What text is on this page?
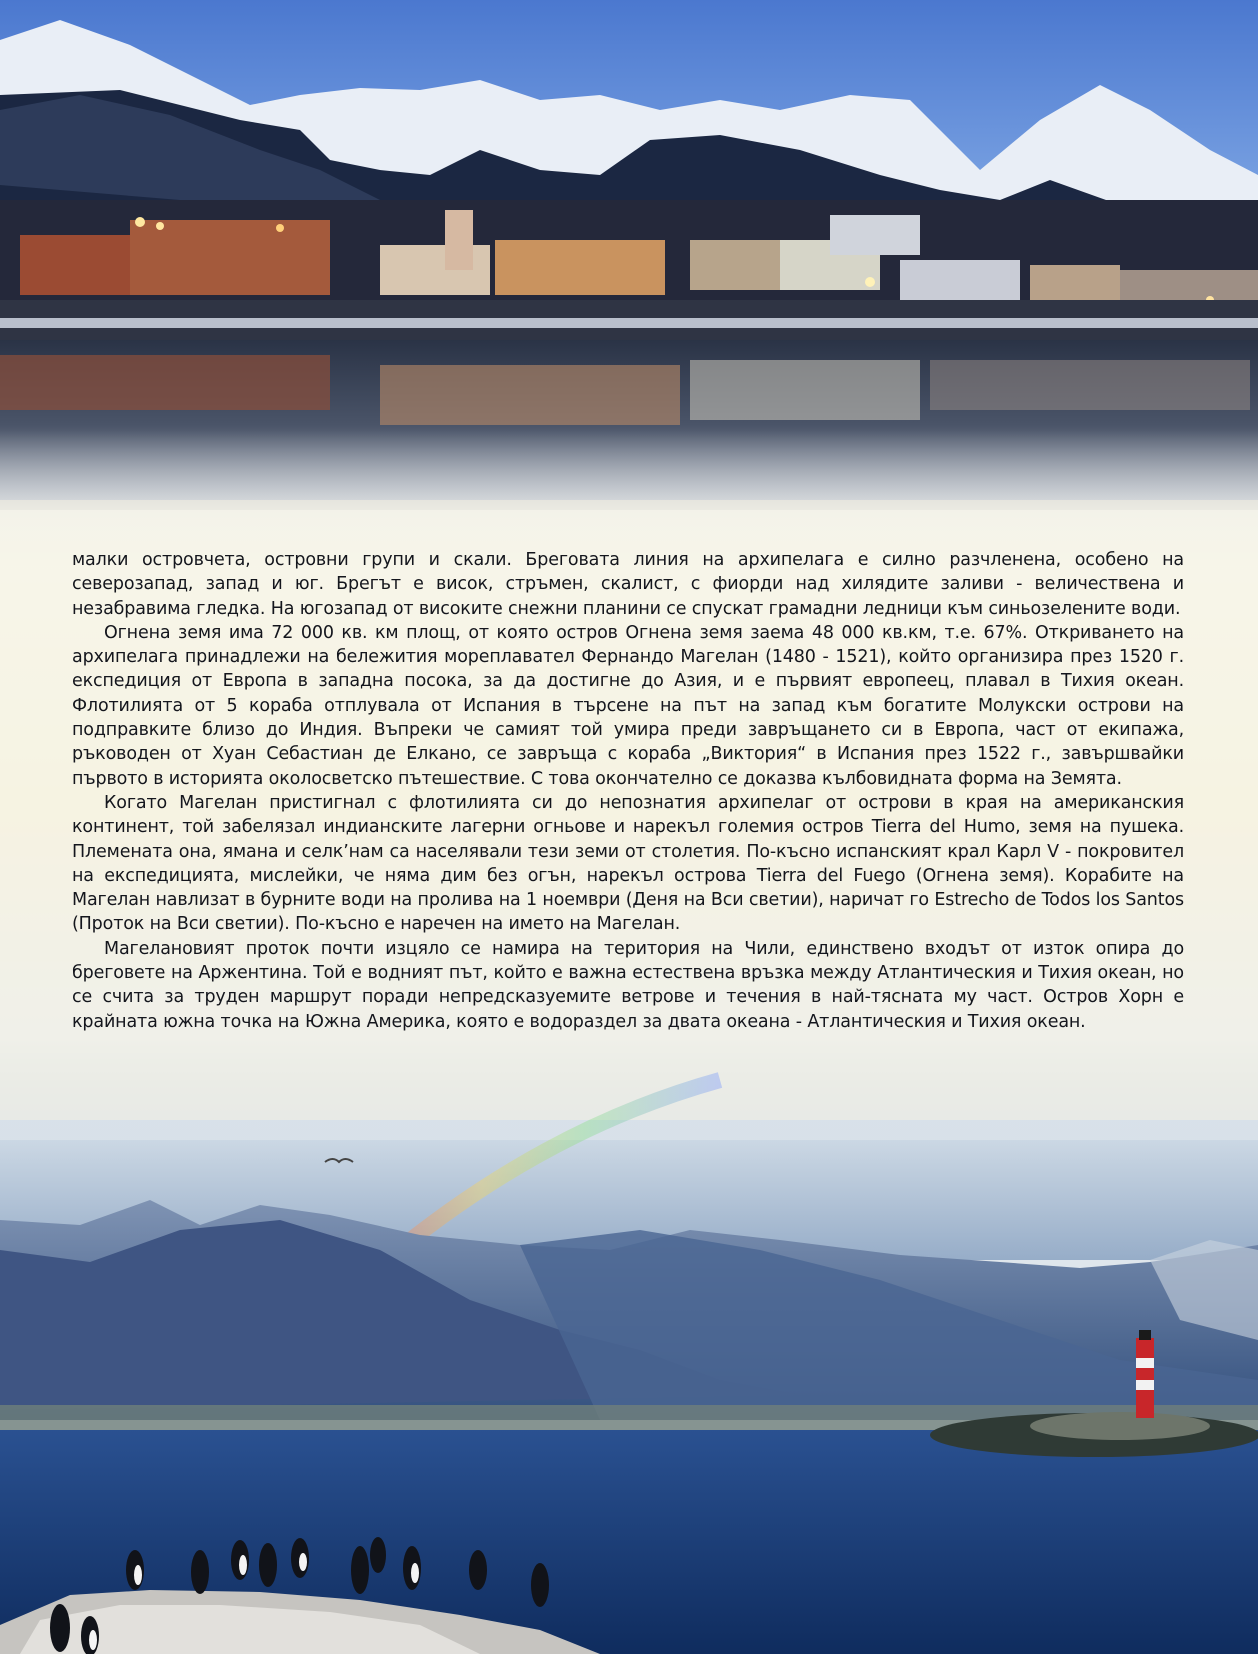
малки островчета, островни групи и скали. Бреговата линия на архипелага е силно разчленена, особено на северозапад, запад и юг. Брегът е висок, стръмен, скалист, с фиорди над хилядите заливи - величествена и незабравима гледка. На югозапад от високите снежни планини се спускат грамадни ледници към синьозелените води.

Огнена земя има 72 000 кв. км площ, от която остров Огнена земя заема 48 000 кв.км, т.е. 67%. Откриването на архипелага принадлежи на бележития мореплавател Фернандо Магелан (1480 - 1521), който организира през 1520 г. експедиция от Европа в западна посока, за да достигне до Азия, и е първият европеец, плавал в Тихия океан. Флотилията от 5 кораба отплувала от Испания в търсене на път на запад към богатите Молукски острови на подправките близо до Индия. Въпреки че самият той умира преди завръщането си в Европа, част от екипажа, ръководен от Хуан Себастиан де Елкано, се завръща с кораба „Виктория“ в Испания през 1522 г., завършвайки първото в историята околосветско пътешествие. С това окончателно се доказва кълбовидната форма на Земята.

Когато Магелан пристигнал с флотилията си до непознатия архипелаг от острови в края на американския континент, той забелязал индианските лагерни огньове и нарекъл големия остров Tierra del Humo, земя на пушека. Племената она, ямана и селк’нам са населявали тези земи от столетия. По-късно испанският крал Карл V - покровител на експедицията, мислейки, че няма дим без огън, нарекъл острова Tierra del Fuego (Огнена земя). Корабите на Магелан навлизат в бурните води на пролива на 1 ноември (Деня на Вси светии), наричат го Estrecho de Todos los Santos (Проток на Вси светии). По-късно е наречен на името на Магелан.

Магелановият проток почти изцяло се намира на територия на Чили, единствено входът от изток опира до бреговете на Аржентина. Той е водният път, който е важна естествена връзка между Атлантическия и Тихия океан, но се счита за труден маршрут поради непредсказуемите ветрове и течения в най-тясната му част. Остров Хорн е крайната южна точка на Южна Америка, която е водораздел за двата океана - Атлантическия и Тихия океан.
